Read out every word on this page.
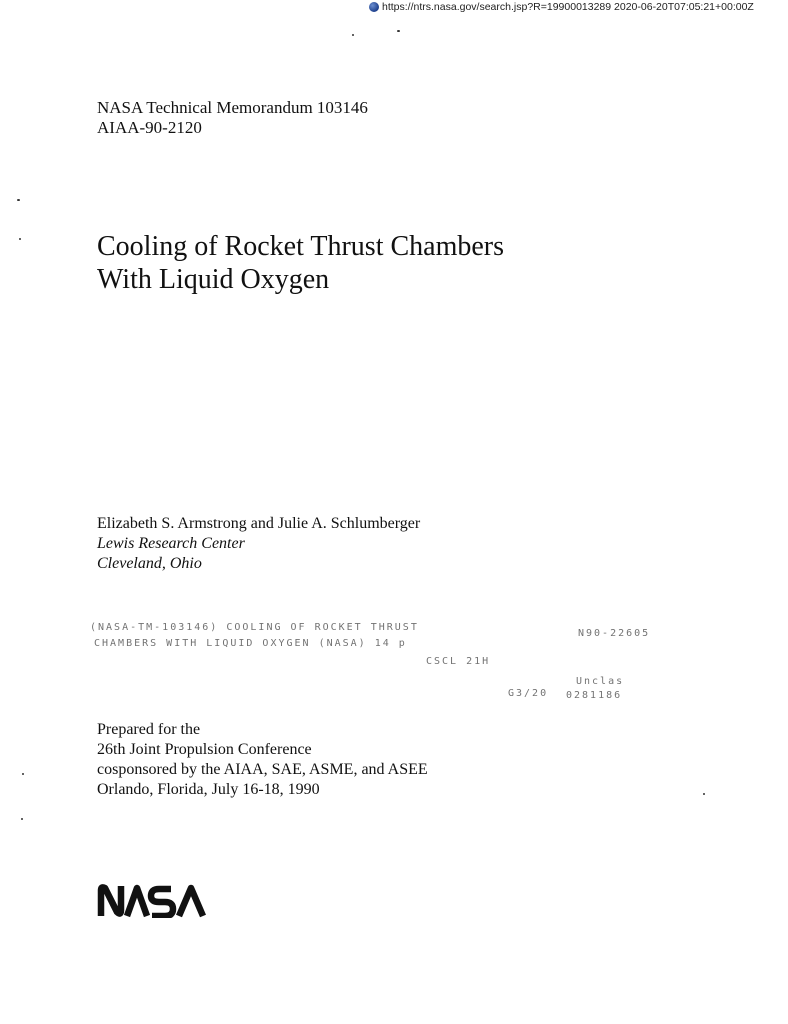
https://ntrs.nasa.gov/search.jsp?R=19900013289 2020-06-20T07:05:21+00:00Z
NASA Technical Memorandum 103146
AIAA-90-2120
Cooling of Rocket Thrust Chambers
With Liquid Oxygen
Elizabeth S. Armstrong and Julie A. Schlumberger
Lewis Research Center
Cleveland, Ohio
(NASA-TM-103146) COOLING OF ROCKET THRUST
N90-22605
CHAMBERS WITH LIQUID OXYGEN (NASA) 14 p
CSCL 21H
Unclas
G3/20 0281186
Prepared for the
26th Joint Propulsion Conference
cosponsored by the AIAA, SAE, ASME, and ASEE
Orlando, Florida, July 16-18, 1990
